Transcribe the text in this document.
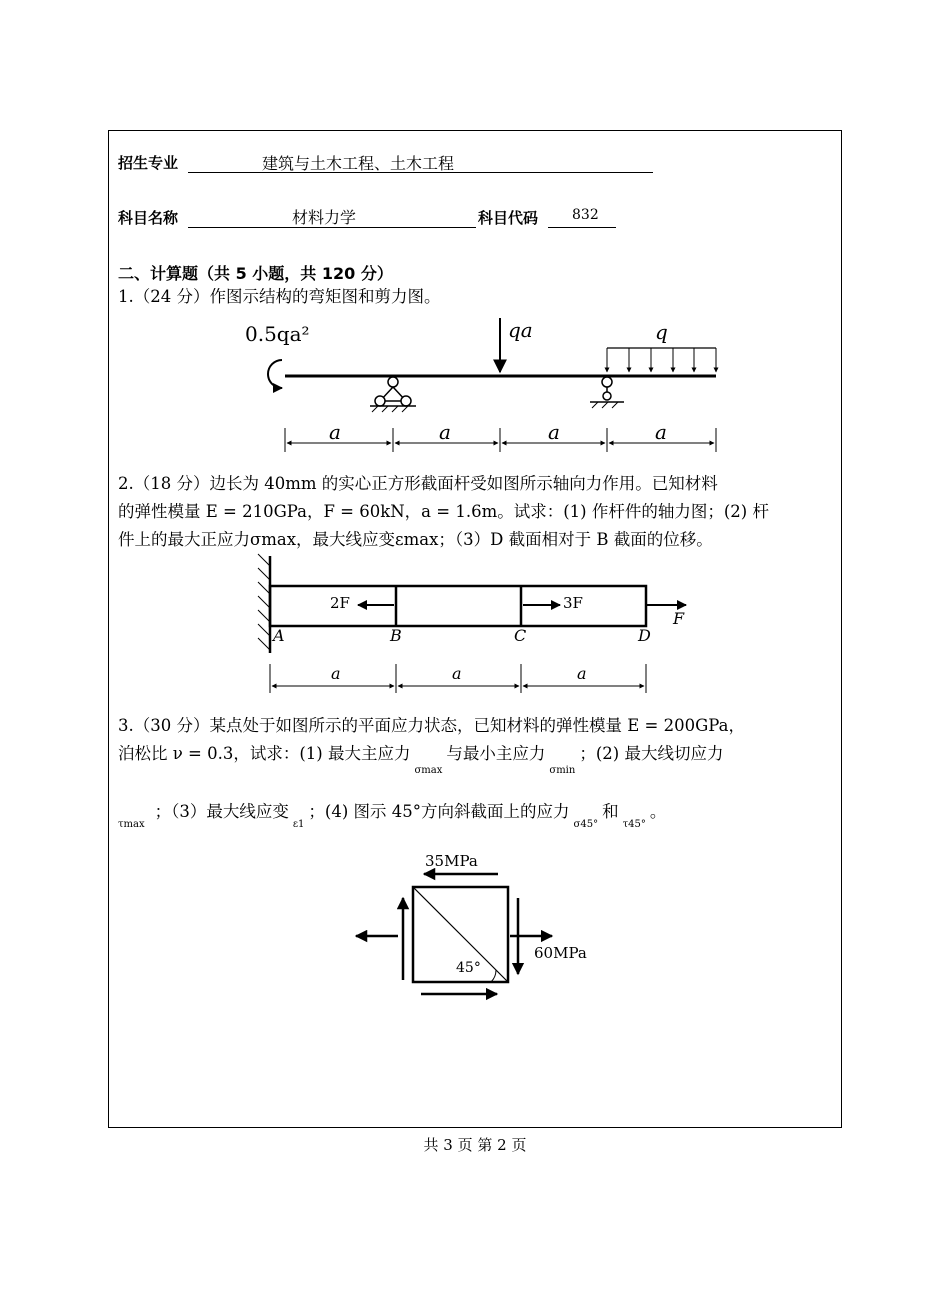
招生专业	建筑与土木工程、土木工程
科目名称	材料力学	科目代码 832
二、计算题（共 5 小题，共 120 分）
1.（24 分）作图示结构的弯矩图和剪力图。
0.5qa²	qa	q
a	a	a	a
2.（18 分）边长为 40mm 的实心正方形截面杆受如图所示轴向力作用。已知材料
的弹性模量 E = 210GPa，F = 60kN，a = 1.6m。试求：(1) 作杆件的轴力图；(2) 杆
件上的最大正应力σmax，最大线应变εmax；（3）D 截面相对于 B 截面的位移。
2F	3F
F
A	B	C	D
a	a	a
3.（30 分）某点处于如图所示的平面应力状态，已知材料的弹性模量 E = 200GPa，
泊松比 ν = 0.3，试求：(1) 最大主应力$_{\sigma max}$与最小主应力$_{\sigma min}$；(2) 最大线切应力
$_{\tau max}$；（3）最大线应变$_{\varepsilon 1}$；(4) 图示 45°方向斜截面上的应力$_{\sigma 45^\circ}$和$_{\tau 45^\circ}$。
35MPa
60MPa
45°
共 3 页 第 2 页
